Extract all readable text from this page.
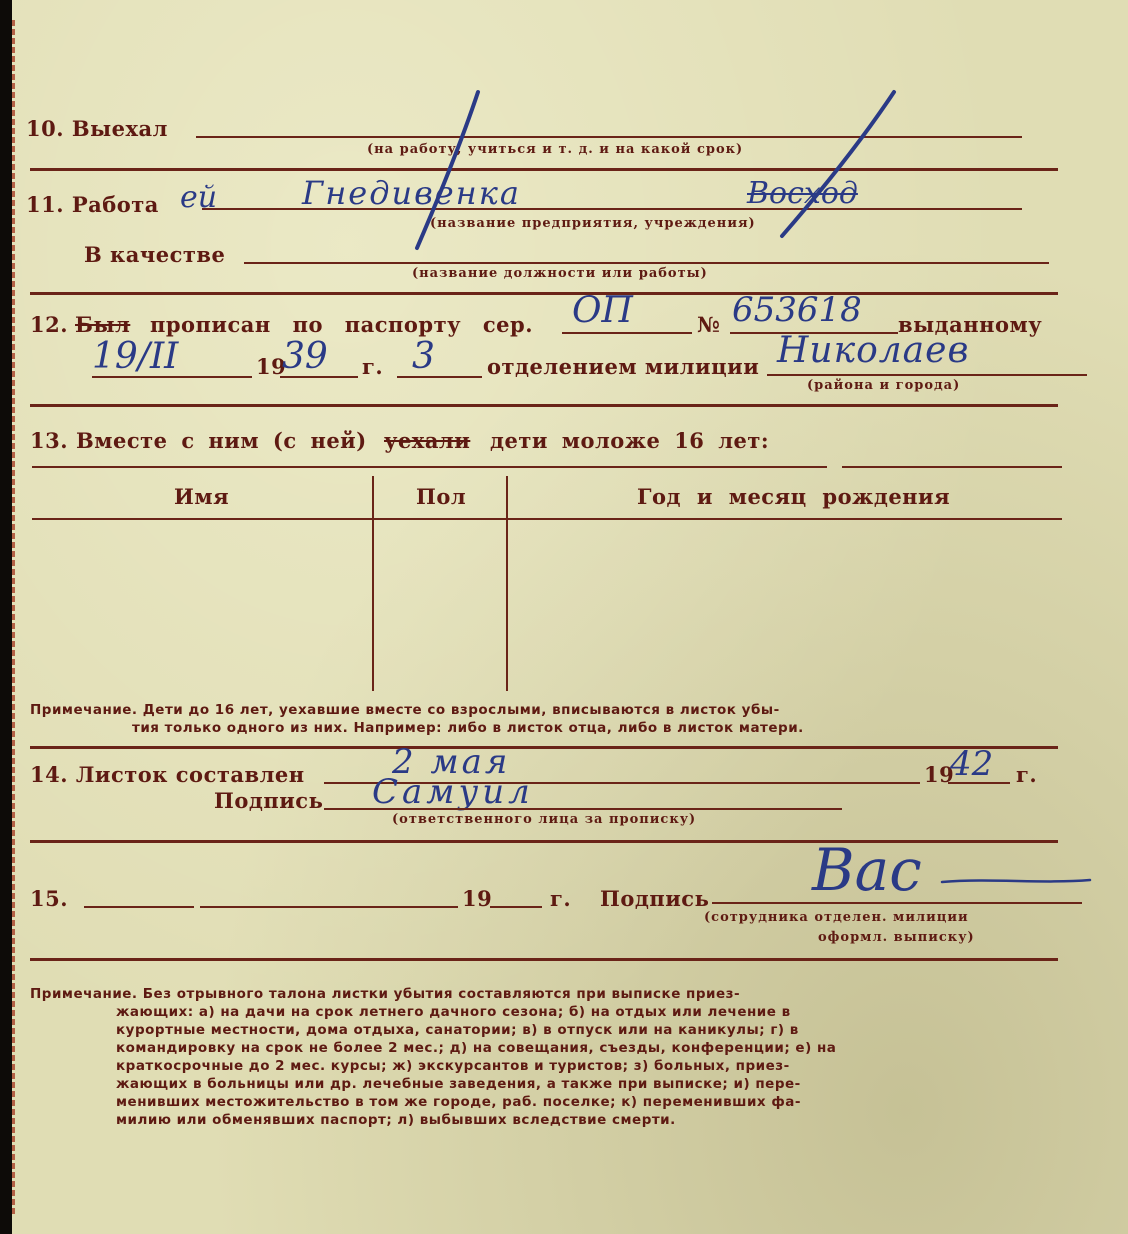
10. Выехал
(на работу, учиться и т. д. и на какой срок)
11. Работа ей	Гнедивенка	Восход
(название предприятия, учреждения)
В качестве
(название должности или работы)
12. Был прописан по паспорту сер. ОП	№ 653618 выданному
19/II	19
39 г. 3 отделением милиции Николаев
(района и города)
13. Вместе с ним (с ней) уехали дети моложе 16 лет:
Имя	Пол	Год и месяц рождения
Примечание. Дети до 16 лет, уехавшие вместе со взрослыми, вписываются в листок убы-
тия только одного из них. Например: либо в листок отца, либо в листок матери.
14. Листок составлен	2 мая	19
42 г.
Подпись Самуил
(ответственного лица за прописку)
15.	19	г. Подпись Вас
(сотрудника отделен. милиции
оформл. выписку)
Примечание. Без отрывного талона листки убытия составляются при выписке приез-
жающих: а) на дачи на срок летнего дачного сезона; б) на отдых или лечение в
курортные местности, дома отдыха, санатории; в) в отпуск или на каникулы; г) в
командировку на срок не более 2 мес.; д) на совещания, съезды, конференции; е) на
краткосрочные до 2 мес. курсы; ж) экскурсантов и туристов; з) больных, приез-
жающих в больницы или др. лечебные заведения, а также при выписке; и) пере-
менивших местожительство в том же городе, раб. поселке; к) переменивших фа-
милию или обменявших паспорт; л) выбывших вследствие смерти.
